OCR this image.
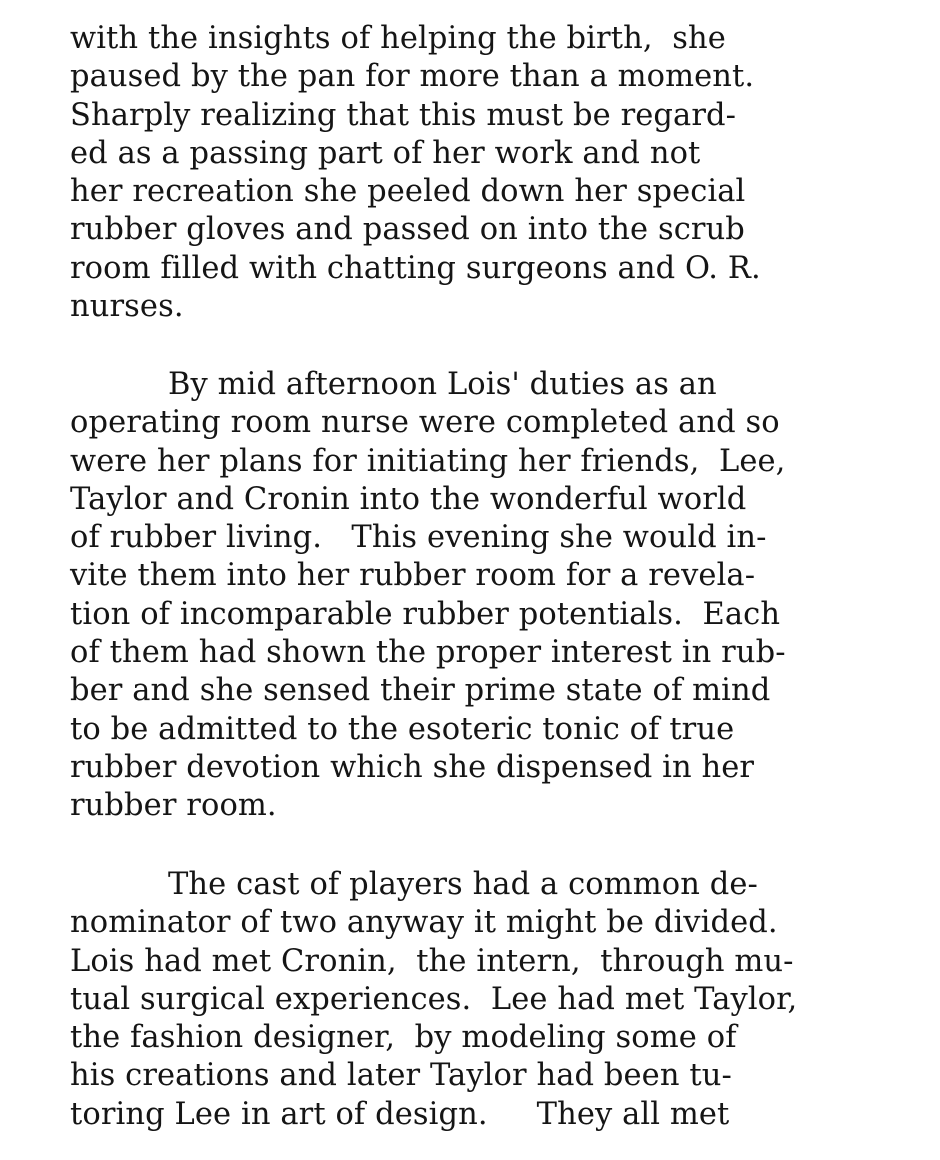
with the insights of helping the birth,  she
paused by the pan for more than a moment.
Sharply realizing that this must be regard-
ed as a passing part of her work and not
her recreation she peeled down her special
rubber gloves and passed on into the scrub
room filled with chatting surgeons and O. R.
nurses.
By mid afternoon Lois' duties as an
operating room nurse were completed and so
were her plans for initiating her friends,  Lee,
Taylor and Cronin into the wonderful world
of rubber living.   This evening she would in-
vite them into her rubber room for a revela-
tion of incomparable rubber potentials.  Each
of them had shown the proper interest in rub-
ber and she sensed their prime state of mind
to be admitted to the esoteric tonic of true
rubber devotion which she dispensed in her
rubber room.
The cast of players had a common de-
nominator of two anyway it might be divided.
Lois had met Cronin,  the intern,  through mu-
tual surgical experiences.  Lee had met Taylor,
the fashion designer,  by modeling some of
his creations and later Taylor had been tu-
toring Lee in art of design.     They all met
